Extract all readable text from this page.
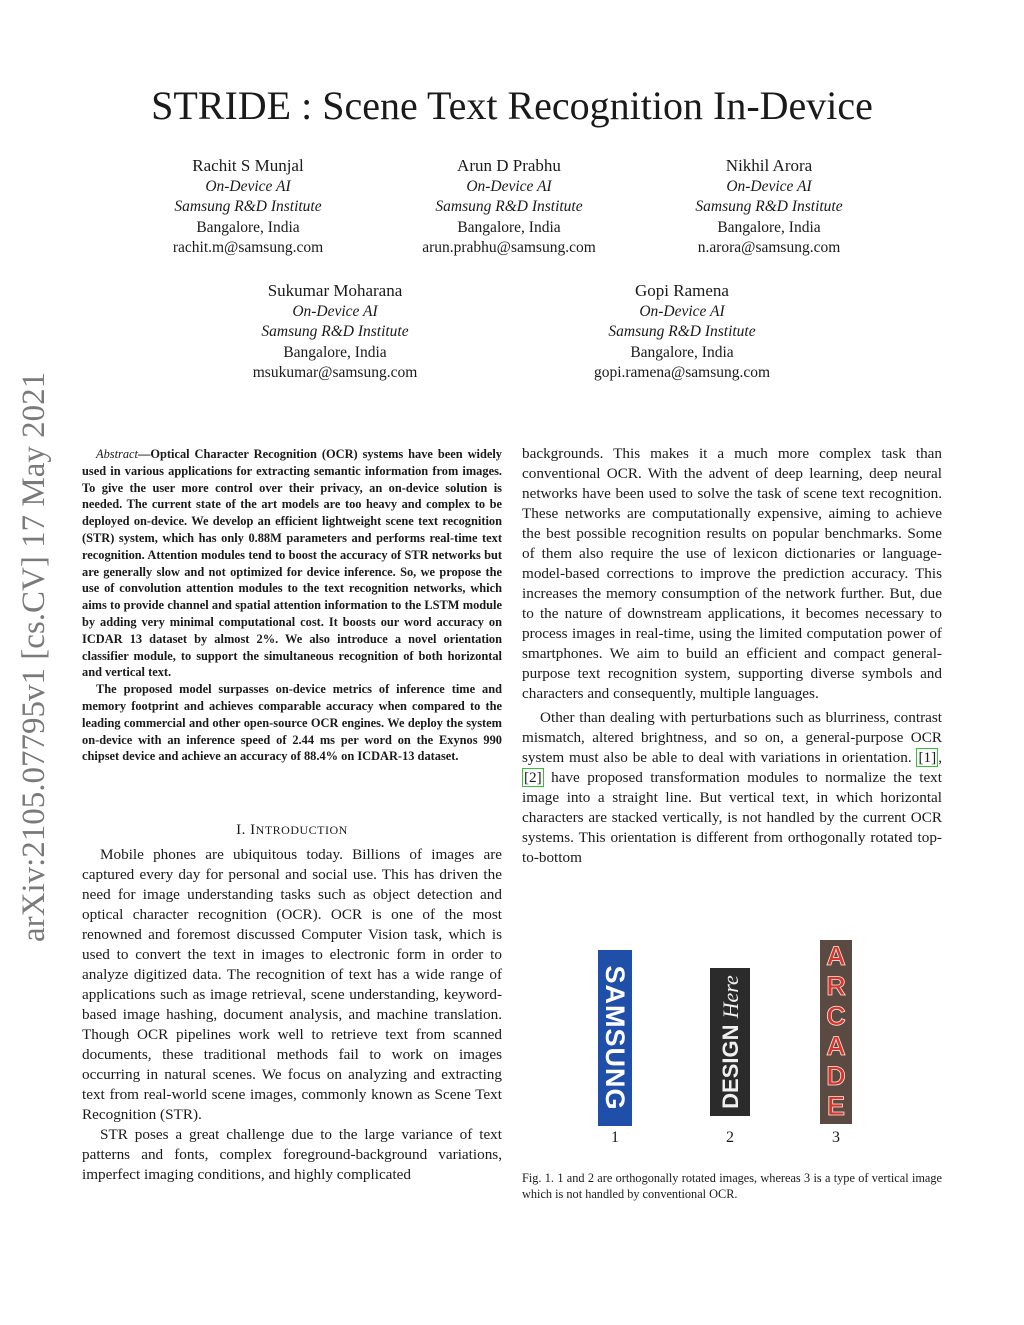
STRIDE : Scene Text Recognition In-Device
Rachit S Munjal
On-Device AI
Samsung R&D Institute
Bangalore, India
rachit.m@samsung.com
Arun D Prabhu
On-Device AI
Samsung R&D Institute
Bangalore, India
arun.prabhu@samsung.com
Nikhil Arora
On-Device AI
Samsung R&D Institute
Bangalore, India
n.arora@samsung.com
Sukumar Moharana
On-Device AI
Samsung R&D Institute
Bangalore, India
msukumar@samsung.com
Gopi Ramena
On-Device AI
Samsung R&D Institute
Bangalore, India
gopi.ramena@samsung.com
arXiv:2105.07795v1 [cs.CV] 17 May 2021	Abstract—Optical Character Recognition (OCR) systems have been widely used in various applications for extracting semantic information from images. To give the user more control over their privacy, an on-device solution is needed. The current state of the art models are too heavy and complex to be deployed on-device. We develop an efficient lightweight scene text recognition (STR) system, which has only 0.88M parameters and performs real-time text recognition. Attention modules tend to boost the accuracy of STR networks but are generally slow and not optimized for device inference. So, we propose the use of convolution attention modules to the text recognition networks, which aims to provide channel and spatial attention information to the LSTM module by adding very minimal computational cost. It boosts our word accuracy on ICDAR 13 dataset by almost 2%. We also introduce a novel orientation classifier module, to support the simultaneous recognition of both horizontal and vertical text.

The proposed model surpasses on-device metrics of inference time and memory footprint and achieves comparable accuracy when compared to the leading commercial and other open-source OCR engines. We deploy the system on-device with an inference speed of 2.44 ms per word on the Exynos 990 chipset device and achieve an accuracy of 88.4% on ICDAR-13 dataset.

I. INTRODUCTION

Mobile phones are ubiquitous today. Billions of images are captured every day for personal and social use. This has driven the need for image understanding tasks such as object detection and optical character recognition (OCR). OCR is one of the most renowned and foremost discussed Computer Vision task, which is used to convert the text in images to electronic form in order to analyze digitized data. The recognition of text has a wide range of applications such as image retrieval, scene understanding, keyword-based image hashing, document analysis, and machine translation. Though OCR pipelines work well to retrieve text from scanned documents, these traditional methods fail to work on images occurring in natural scenes. We focus on analyzing and extracting text from real-world scene images, commonly known as Scene Text Recognition (STR).

STR poses a great challenge due to the large variance of text patterns and fonts, complex foreground-background variations, imperfect imaging conditions, and highly complicated

backgrounds. This makes it a much more complex task than conventional OCR. With the advent of deep learning, deep neural networks have been used to solve the task of scene text recognition. These networks are computationally expensive, aiming to achieve the best possible recognition results on popular benchmarks. Some of them also require the use of lexicon dictionaries or language-model-based corrections to improve the prediction accuracy. This increases the memory consumption of the network further. But, due to the nature of downstream applications, it becomes necessary to process images in real-time, using the limited computation power of smartphones. We aim to build an efficient and compact general-purpose text recognition system, supporting diverse symbols and characters and consequently, multiple languages.

Other than dealing with perturbations such as blurriness, contrast mismatch, altered brightness, and so on, a general-purpose OCR system must also be able to deal with variations in orientation. [1] , [2] have proposed transformation modules to normalize the text image into a straight line. But vertical text, in which horizontal characters are stacked vertically, is not handled by the current OCR systems. This orientation is different from orthogonally rotated top-to-bottom

SAMSUNG	DESIGN Here
A
R
C
A
D
E
1	2	3
Fig. 1. 1 and 2 are orthogonally rotated images, whereas 3 is a type of vertical image which is not handled by conventional OCR.
